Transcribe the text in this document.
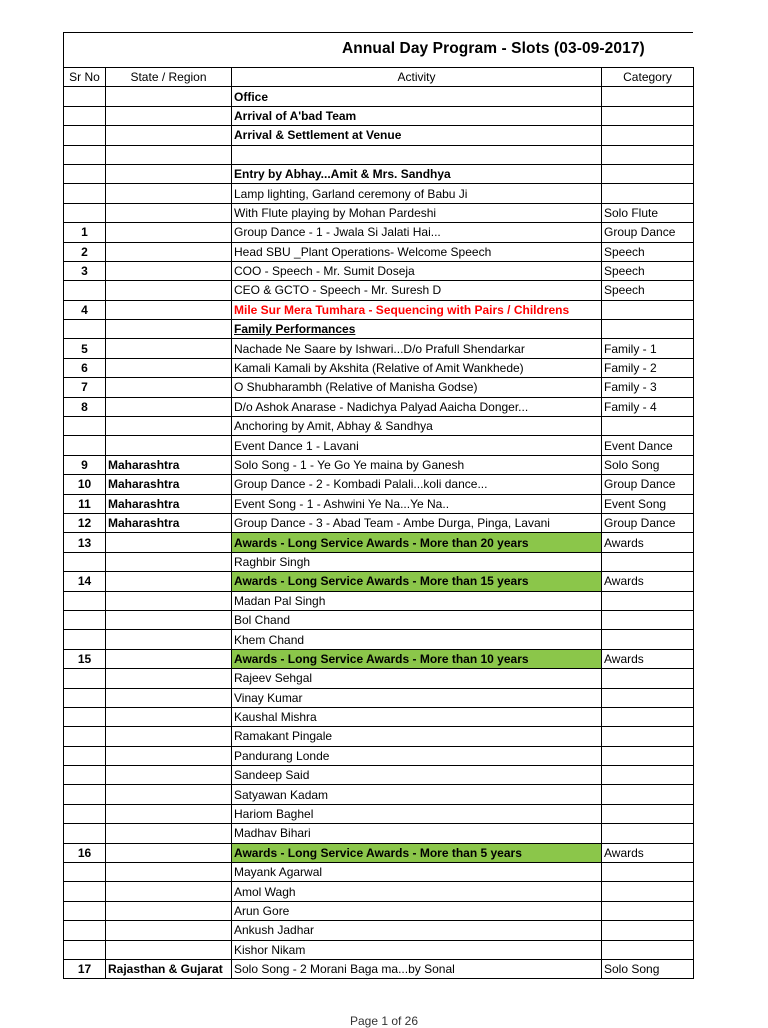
Annual Day Program - Slots (03-09-2017)
Sr No	State / Region	Activity	Category
		Office	
		Arrival of A'bad Team	
		Arrival & Settlement at Venue	

		Entry by Abhay...Amit & Mrs. Sandhya	
		Lamp lighting, Garland ceremony of Babu Ji	
		With Flute playing by Mohan Pardeshi	Solo Flute
1		Group Dance - 1 - Jwala Si Jalati Hai...	Group Dance
2		Head SBU _Plant Operations- Welcome Speech	Speech
3		COO - Speech - Mr. Sumit Doseja	Speech
		CEO & GCTO - Speech - Mr. Suresh D	Speech
4		Mile Sur Mera Tumhara - Sequencing with Pairs / Childrens	
		Family Performances	
5		Nachade Ne Saare by Ishwari...D/o Prafull Shendarkar	Family - 1
6		Kamali Kamali by Akshita (Relative of Amit Wankhede)	Family - 2
7		O Shubharambh (Relative of Manisha Godse)	Family - 3
8		D/o Ashok Anarase - Nadichya Palyad Aaicha Donger...	Family - 4
		Anchoring by Amit, Abhay & Sandhya	
		Event Dance 1 - Lavani	Event Dance
9	Maharashtra	Solo Song - 1 - Ye Go Ye maina by Ganesh	Solo Song
10	Maharashtra	Group Dance - 2 - Kombadi Palali...koli dance...	Group Dance
11	Maharashtra	Event Song - 1 - Ashwini Ye Na...Ye Na..	Event Song
12	Maharashtra	Group Dance - 3 - Abad Team - Ambe Durga, Pinga, Lavani	Group Dance
13		Awards - Long Service Awards - More than 20 years	Awards
		Raghbir Singh	
14		Awards - Long Service Awards - More than 15 years	Awards
		Madan Pal Singh	
		Bol Chand	
		Khem Chand	
15		Awards - Long Service Awards - More than 10 years	Awards
		Rajeev Sehgal	
		Vinay Kumar	
		Kaushal Mishra	
		Ramakant Pingale	
		Pandurang Londe	
		Sandeep Said	
		Satyawan Kadam	
		Hariom Baghel	
		Madhav Bihari	
16		Awards - Long Service Awards - More than 5 years	Awards
		Mayank Agarwal	
		Amol Wagh	
		Arun Gore	
		Ankush Jadhar	
		Kishor Nikam	
17	Rajasthan & Gujarat	Solo Song - 2 Morani Baga ma...by Sonal	Solo Song
Page 1 of 26
